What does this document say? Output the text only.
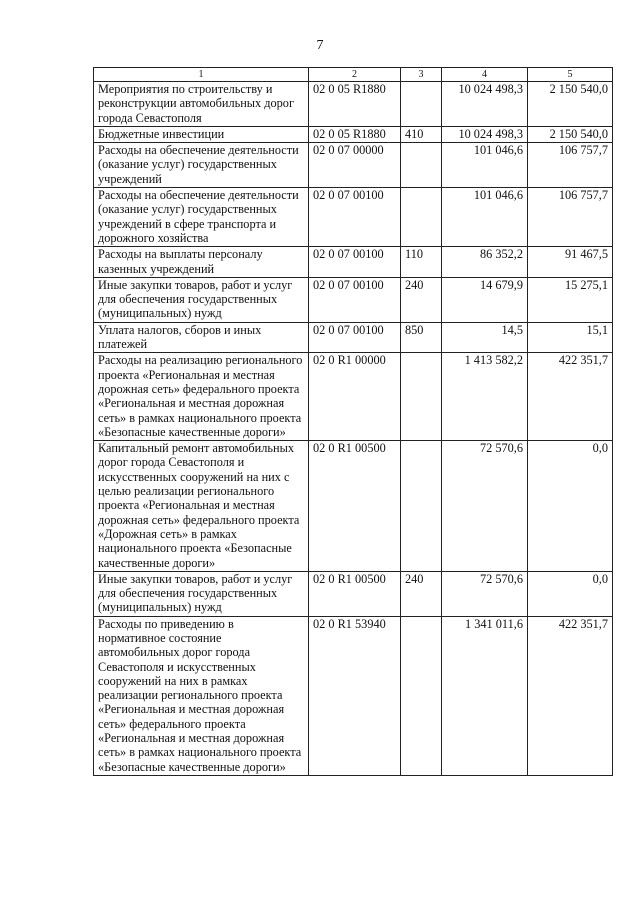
7
1	2	3	4	5
Мероприятия по строительству и реконструкции автомобильных дорог города Севастополя	02 0 05 R1880		10 024 498,3	2 150 540,0
Бюджетные инвестиции	02 0 05 R1880	410	10 024 498,3	2 150 540,0
Расходы на обеспечение деятельности (оказание услуг) государственных учреждений	02 0 07 00000		101 046,6	106 757,7
Расходы на обеспечение деятельности (оказание услуг) государственных учреждений в сфере транспорта и дорожного хозяйства	02 0 07 00100		101 046,6	106 757,7
Расходы на выплаты персоналу казенных учреждений	02 0 07 00100	110	86 352,2	91 467,5
Иные закупки товаров, работ и услуг для обеспечения государственных (муниципальных) нужд	02 0 07 00100	240	14 679,9	15 275,1
Уплата налогов, сборов и иных платежей	02 0 07 00100	850	14,5	15,1
Расходы на реализацию регионального проекта «Региональная и местная дорожная сеть» федерального проекта «Региональная и местная дорожная сеть» в рамках национального проекта «Безопасные качественные дороги»	02 0 R1 00000		1 413 582,2	422 351,7
Капитальный ремонт автомобильных дорог города Севастополя и искусственных сооружений на них с целью реализации регионального проекта «Региональная и местная дорожная сеть» федерального проекта «Дорожная сеть» в рамках национального проекта «Безопасные качественные дороги»	02 0 R1 00500		72 570,6	0,0
Иные закупки товаров, работ и услуг для обеспечения государственных (муниципальных) нужд	02 0 R1 00500	240	72 570,6	0,0
Расходы по приведению в нормативное состояние автомобильных дорог города Севастополя и искусственных сооружений на них в рамках реализации регионального проекта «Региональная и местная дорожная сеть» федерального проекта «Региональная и местная дорожная сеть» в рамках национального проекта «Безопасные качественные дороги»	02 0 R1 53940		1 341 011,6	422 351,7
